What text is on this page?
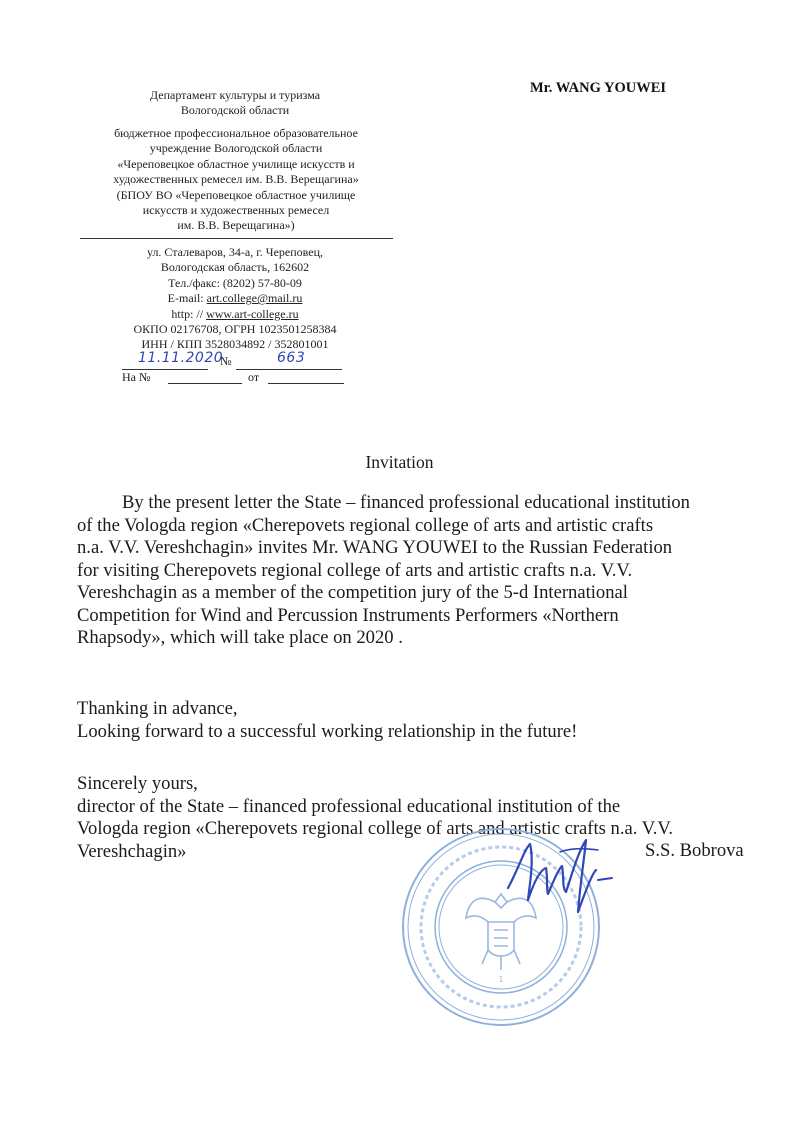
Департамент культуры и туризма
Вологодской области
бюджетное профессиональное образовательное
учреждение Вологодской области
«Череповецкое областное училище искусств и
художественных ремесел им. В.В. Верещагина»
(БПОУ ВО «Череповецкое областное училище
искусств и художественных ремесел
им. В.В. Верещагина»)
ул. Сталеваров, 34-а, г. Череповец,
Вологодская область, 162602
Тел./факс: (8202) 57-80-09
E-mail: art.college@mail.ru
http: // www.art-college.ru
ОКПО 02176708, ОГРН 1023501258384
ИНН / КПП 3528034892 / 352801001
11.11.2020
№	663
На №	от
Mr. WANG YOUWEI
Invitation
By the present letter the State – financed professional educational institution
of the Vologda region «Cherepovets regional college of arts and artistic crafts
n.a. V.V. Vereshchagin» invites Mr. WANG YOUWEI to the Russian Federation
for visiting Cherepovets regional college of arts and artistic crafts n.a. V.V.
Vereshchagin as a member of the competition jury of the 5-d International
Competition for Wind and Percussion Instruments Performers «Northern
Rhapsody», which will take place on 2020 .
Thanking in advance,
Looking forward to a successful working relationship in the future!
Sincerely yours,
director of the State – financed professional educational institution of the
Vologda region «Cherepovets regional college of arts and artistic crafts n.a. V.V.
Vereshchagin»
1
S.S. Bobrova
